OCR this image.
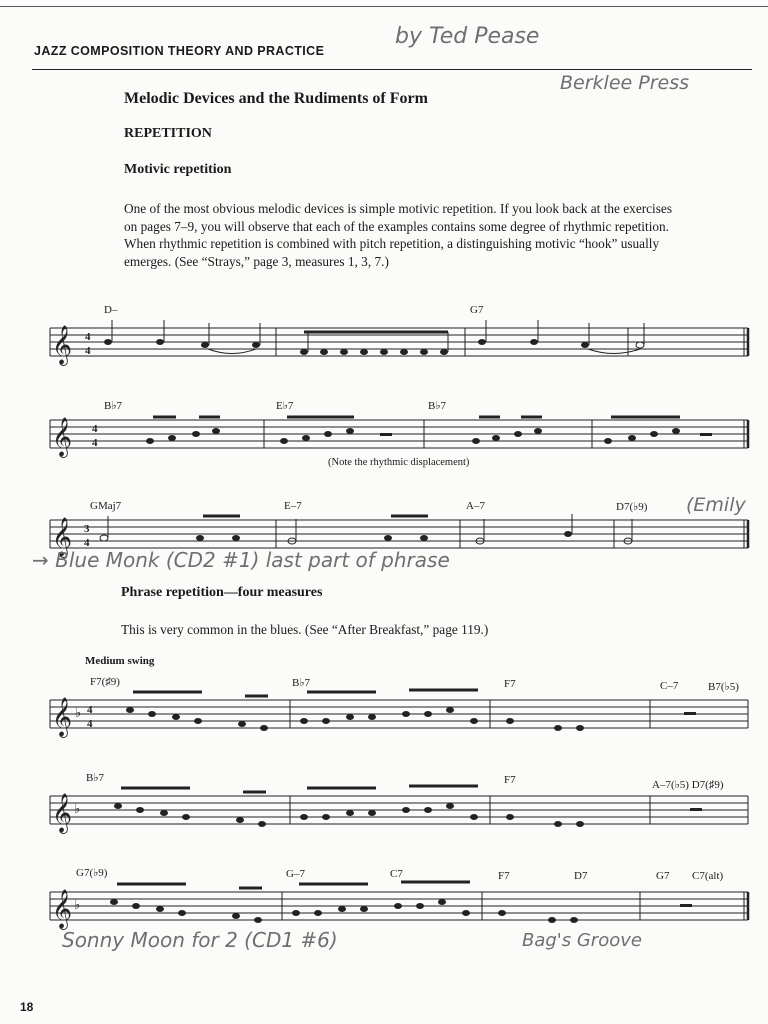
JAZZ COMPOSITION THEORY AND PRACTICE
by Ted Pease
Berklee Press
Melodic Devices and the Rudiments of Form
REPETITION
Motivic repetition
One of the most obvious melodic devices is simple motivic repetition. If you look back at the exercises on pages 7–9, you will observe that each of the examples contains some degree of rhythmic repetition. When rhythmic repetition is combined with pitch repetition, a distinguishing motivic “hook” usually emerges. (See “Strays,” page 3, measures 1, 3, 7.)
D–	G7
𝄞 4
4
B♭7	E♭7	B♭7
𝄞 4
4
(Note the rhythmic displacement)
GMaj7	E–7	A–7	D7(♭9) (Emily
𝄞 3
4
→ Blue Monk (CD2 #1) last part of phrase
Phrase repetition—four measures
This is very common in the blues. (See “After Breakfast,” page 119.)
Medium swing
F7(♯9)	B♭7	F7	C–7	B7(♭5)
𝄞 ♭ 4
4
B♭7	F7	A–7(♭5) D7(♯9)
𝄞 ♭
G7(♭9)	G–7	C7	F7	D7	G7 C7(alt)
𝄞 ♭
Sonny Moon for 2 (CD1 #6)	Bag's Groove
18
